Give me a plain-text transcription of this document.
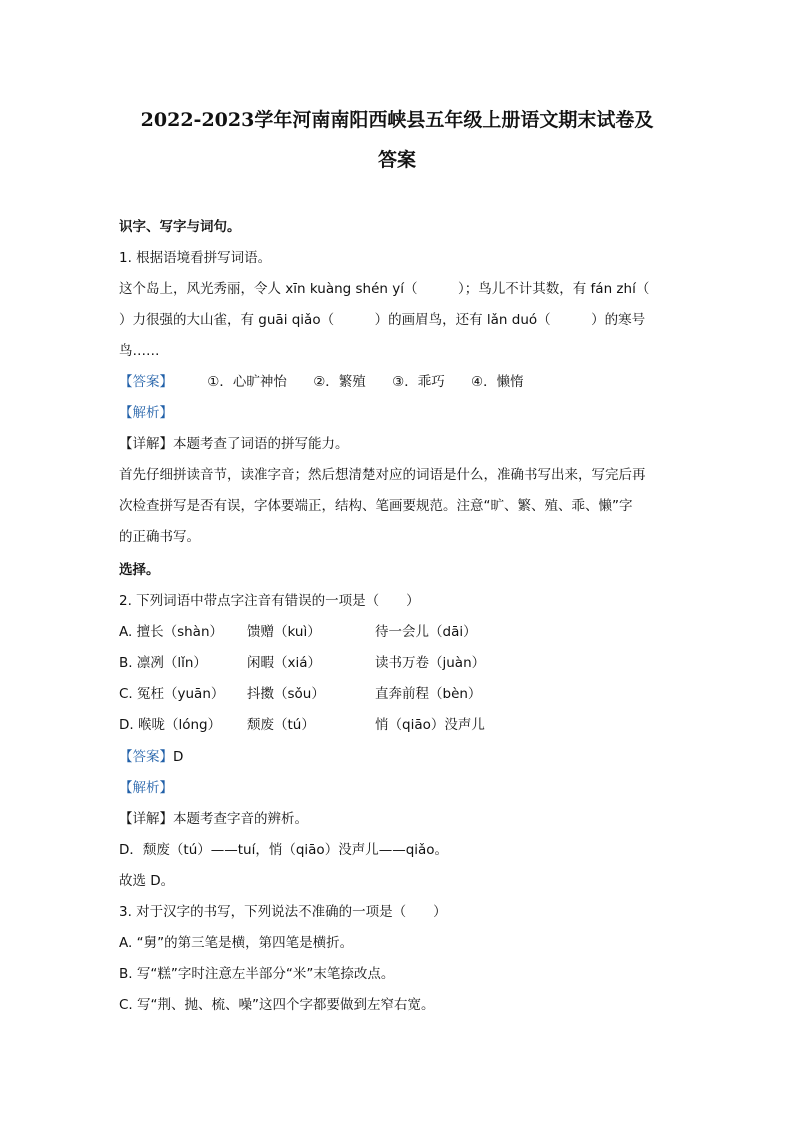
2022-2023学年河南南阳西峡县五年级上册语文期末试卷及
答案
识字、写字与词句。
1. 根据语境看拼写词语。
这个岛上，风光秀丽，令人 xīn kuàng shén yí（　　　）；鸟儿不计其数，有 fán zhí（
）力很强的大山雀，有 guāi qiǎo（　　　）的画眉鸟，还有 lǎn duó（　　　）的寒号
鸟……
【答案】	①．心旷神怡 ②．繁殖 ③．乖巧 ④．懒惰
【解析】
【详解】本题考查了词语的拼写能力。
首先仔细拼读音节，读准字音；然后想清楚对应的词语是什么，准确书写出来，写完后再
次检查拼写是否有误，字体要端正，结构、笔画要规范。注意“旷、繁、殖、乖、懒”字
的正确书写。
选择。
2. 下列词语中带点字注音有错误的一项是（　　）
A. 擅长（shàn） 馈赠（kuì）	待一会儿（dāi）
B. 凛冽（lǐn）	闲暇（xiá）	读书万卷（juàn）
C. 冤枉（yuān） 抖擞（sǒu）	直奔前程（bèn）
D. 喉咙（lóng） 颓废（tú）	悄（qiāo）没声儿
【答案】D
【解析】
【详解】本题考查字音的辨析。
D．颓废（tú）——tuí，悄（qiāo）没声儿——qiǎo。
故选 D。
3. 对于汉字的书写，下列说法不准确的一项是（　　）
A. “舅”的第三笔是横，第四笔是横折。
B. 写“糕”字时注意左半部分“米”末笔捺改点。
C. 写“荆、抛、梳、噪”这四个字都要做到左窄右宽。
